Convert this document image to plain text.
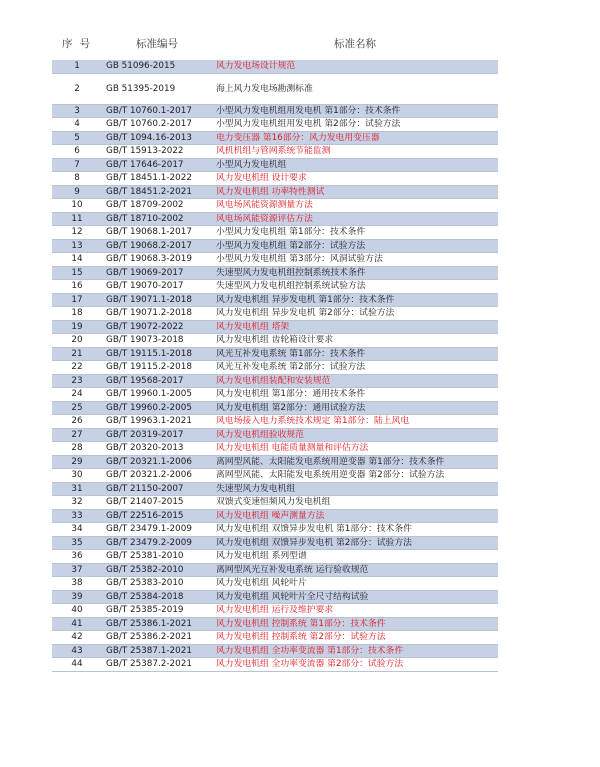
序 号	标准编号	标准名称
1	GB 51096-2015	风力发电场设计规范
2	GB 51395-2019	海上风力发电场勘测标准
3	GB/T 10760.1-2017	小型风力发电机组用发电机 第1部分：技术条件
4	GB/T 10760.2-2017	小型风力发电机组用发电机 第2部分：试验方法
5	GB/T 1094.16-2013	电力变压器 第16部分：风力发电用变压器
6	GB/T 15913-2022	风机机组与管网系统节能监测
7	GB/T 17646-2017	小型风力发电机组
8	GB/T 18451.1-2022	风力发电机组 设计要求
9	GB/T 18451.2-2021	风力发电机组 功率特性测试
10	GB/T 18709-2002	风电场风能资源测量方法
11	GB/T 18710-2002	风电场风能资源评估方法
12	GB/T 19068.1-2017	小型风力发电机组 第1部分：技术条件
13	GB/T 19068.2-2017	小型风力发电机组 第2部分：试验方法
14	GB/T 19068.3-2019	小型风力发电机组 第3部分：风洞试验方法
15	GB/T 19069-2017	失速型风力发电机组控制系统技术条件
16	GB/T 19070-2017	失速型风力发电机组控制系统试验方法
17	GB/T 19071.1-2018	风力发电机组 异步发电机 第1部分：技术条件
18	GB/T 19071.2-2018	风力发电机组 异步发电机 第2部分：试验方法
19	GB/T 19072-2022	风力发电机组 塔架
20	GB/T 19073-2018	风力发电机组 齿轮箱设计要求
21	GB/T 19115.1-2018	风光互补发电系统 第1部分：技术条件
22	GB/T 19115.2-2018	风光互补发电系统 第2部分：试验方法
23	GB/T 19568-2017	风力发电机组装配和安装规范
24	GB/T 19960.1-2005	风力发电机组 第1部分：通用技术条件
25	GB/T 19960.2-2005	风力发电机组 第2部分：通用试验方法
26	GB/T 19963.1-2021	风电场接入电力系统技术规定 第1部分：陆上风电
27	GB/T 20319-2017	风力发电机组验收规范
28	GB/T 20320-2013	风力发电机组 电能质量测量和评估方法
29	GB/T 20321.1-2006	离网型风能、太阳能发电系统用逆变器 第1部分：技术条件
30	GB/T 20321.2-2006	离网型风能、太阳能发电系统用逆变器 第2部分：试验方法
31	GB/T 21150-2007	失速型风力发电机组
32	GB/T 21407-2015	双馈式变速恒频风力发电机组
33	GB/T 22516-2015	风力发电机组 噪声测量方法
34	GB/T 23479.1-2009	风力发电机组 双馈异步发电机 第1部分：技术条件
35	GB/T 23479.2-2009	风力发电机组 双馈异步发电机 第2部分：试验方法
36	GB/T 25381-2010	风力发电机组 系列型谱
37	GB/T 25382-2010	离网型风光互补发电系统 运行验收规范
38	GB/T 25383-2010	风力发电机组 风轮叶片
39	GB/T 25384-2018	风力发电机组 风轮叶片全尺寸结构试验
40	GB/T 25385-2019	风力发电机组 运行及维护要求
41	GB/T 25386.1-2021	风力发电机组 控制系统 第1部分：技术条件
42	GB/T 25386.2-2021	风力发电机组 控制系统 第2部分：试验方法
43	GB/T 25387.1-2021	风力发电机组 全功率变流器 第1部分：技术条件
44	GB/T 25387.2-2021	风力发电机组 全功率变流器 第2部分：试验方法
